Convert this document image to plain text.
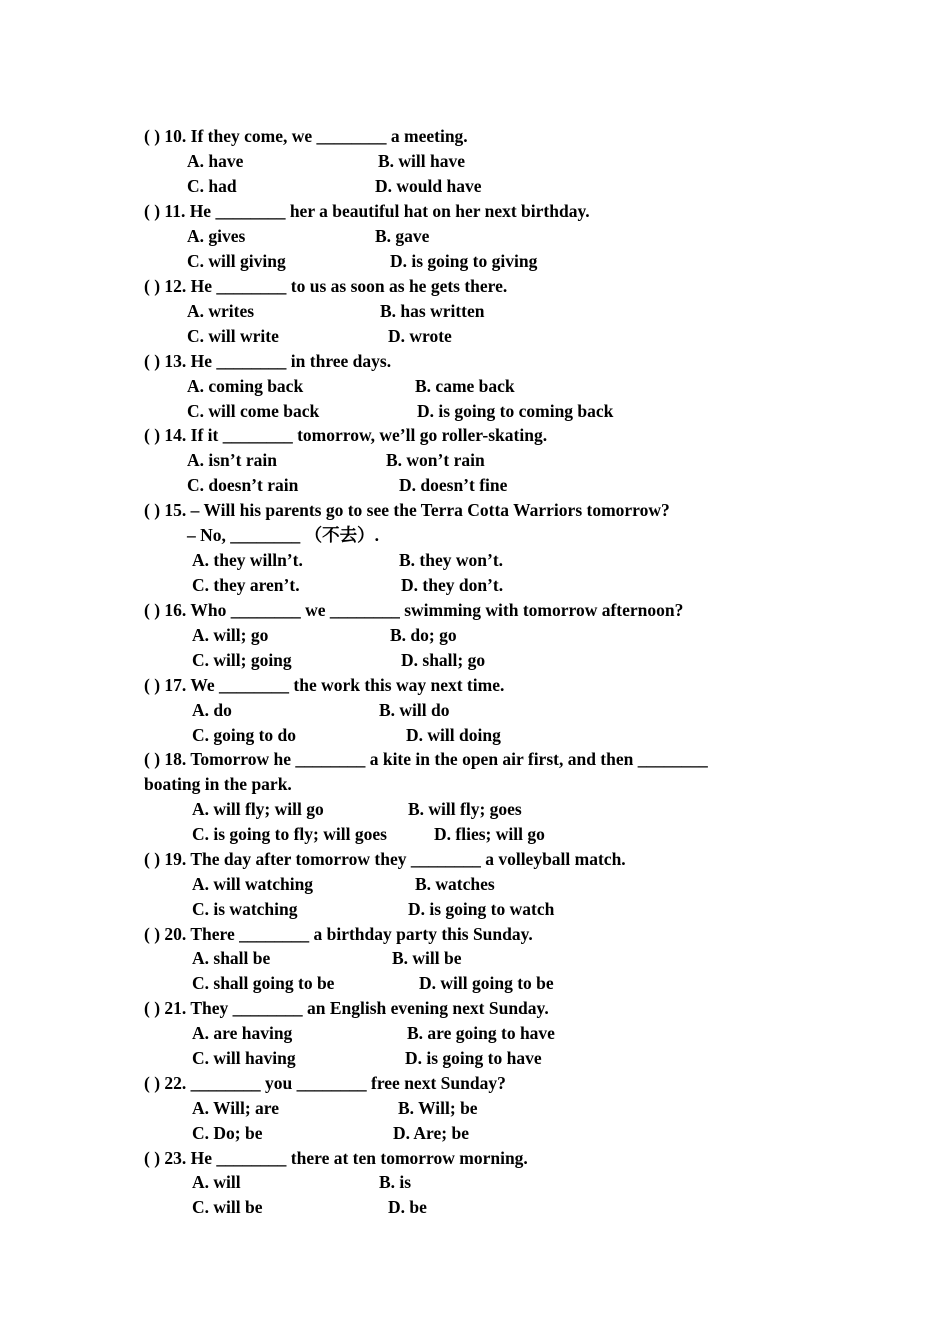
( ) 10. If they come, we ________ a meeting.
A. have	B. will have
C. had	D. would have
( ) 11. He ________ her a beautiful hat on her next birthday.
A. gives	B. gave
C. will giving	D. is going to giving
( ) 12. He ________ to us as soon as he gets there.
A. writes	B. has written
C. will write	D. wrote
( ) 13. He ________ in three days.
A. coming back	B. came back
C. will come back	D. is going to coming back
( ) 14. If it ________ tomorrow, we’ll go roller-skating.
A. isn’t rain	B. won’t rain
C. doesn’t rain	D. doesn’t fine
( ) 15. – Will his parents go to see the Terra Cotta Warriors tomorrow?
– No, ________ （不去）.
A. they willn’t.	B. they won’t.
C. they aren’t.	D. they don’t.
( ) 16. Who ________ we ________ swimming with tomorrow afternoon?
A. will; go	B. do; go
C. will; going	D. shall; go
( ) 17. We ________ the work this way next time.
A. do	B. will do
C. going to do	D. will doing
( ) 18. Tomorrow he ________ a kite in the open air first, and then ________
boating in the park.
A. will fly; will go	B. will fly; goes
C. is going to fly; will goes	D. flies; will go
( ) 19. The day after tomorrow they ________ a volleyball match.
A. will watching	B. watches
C. is watching	D. is going to watch
( ) 20. There ________ a birthday party this Sunday.
A. shall be	B. will be
C. shall going to be	D. will going to be
( ) 21. They ________ an English evening next Sunday.
A. are having	B. are going to have
C. will having	D. is going to have
( ) 22. ________ you ________ free next Sunday?
A. Will; are	B. Will; be
C. Do; be	D. Are; be
( ) 23. He ________ there at ten tomorrow morning.
A. will	B. is
C. will be	D. be
